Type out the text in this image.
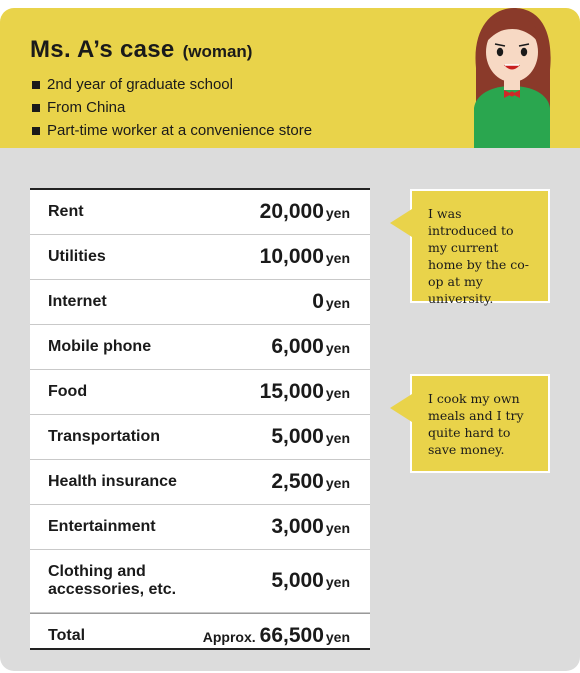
Ms. A’s case (woman)
2nd year of graduate school
From China
Part-time worker at a convenience store
Rent	20,000 yen
Utilities	10,000 yen
Internet	0 yen
Mobile phone	6,000 yen
Food	15,000 yen
Transportation	5,000 yen
Health insurance	2,500 yen
Entertainment	3,000 yen
Clothing and
accessories, etc.	5,000 yen
Total	Approx. 66,500 yen
I was introduced to my current home by the co-op at my university.
I cook my own meals and I try quite hard to save money.
